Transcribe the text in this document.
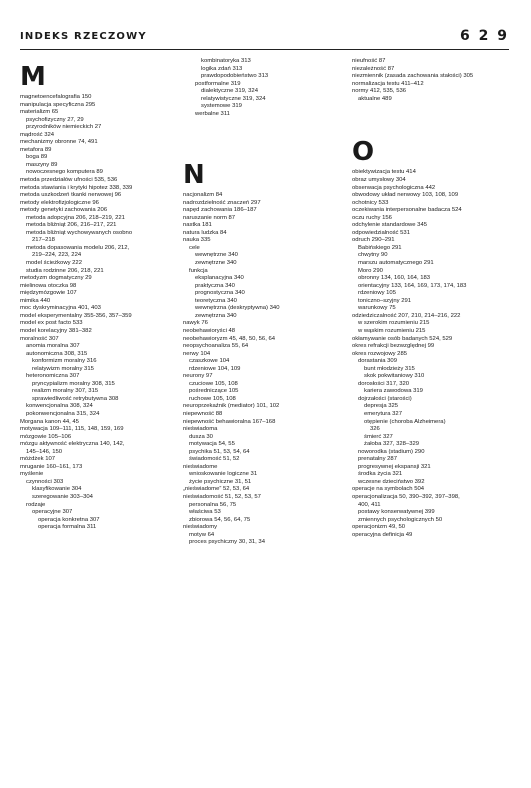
INDEKS RZECZOWY	6 2 9
M
magnetoencefalografia 150
manipulacja specyficzna 295
materializm 65
psychofizyczny 27, 29
przyrodników niemieckich 27
mądrość 324
mechanizmy obronne 74, 491
metafora 89
boga 89
maszyny 89
nowoczesnego komputera 89
metoda przedziałów ufności 535, 536
metoda stawiania i krytyki hipotez 338, 339
metoda uszkodzeń tkanki nerwowej 96
metody elektrofizjologiczne 96
metody genetyki zachowania 206
metoda adopcyjna 206, 218–219, 221
metoda bliźniąt 206, 216–217, 221
metoda bliźniąt wychowywanych osobno
217–218
metoda dopasowania modelu 206, 212,
219–224, 223, 224
model ścieżkowy 222
studia rodzinne 206, 218, 221
metodyzm dogmatyczny 29
mielinowa otoczka 98
międzymózgowie 107
mimika 440
moc dyskryminacyjna 401, 403
model eksperymentalny 355-356, 357–359
model ex post facto 533
model korelacyjny 381–382
moralność 307
anomia moralna 307
autonomiczna 308, 315
konformizm moralny 316
relatywizm moralny 315
heteronomiczna 307
pryncypializm moralny 308, 315
realizm moralny 307, 315
sprawiedliwość retrybutywna 308
konwencjonalna 308, 324
pokonwencjonalna 315, 324
Morgana kanon 44, 45
motywacja 109–111, 115, 148, 159, 169
mózgowie 105–106
mózgu aktywność elektryczna 140, 142,
145–146, 150
móżdżek 107
mruganie 160–161, 173
myślenie
czynności 303
klasyfikowanie 304
szeregowanie 303–304
rodzaje
operacyjne 307
operacja konkretna 307
operacja formalna 311
kombinatoryka 313
logika zdań 313
prawdopodobieństwo 313
postformalne 319
dialektyczne 319, 324
relatywistyczne 319, 324
systemowe 319
werbalne 311
N
nacjonalizm 84
nadrozdzielność znaczeń 297
napęd zachowania 186–187
naruszanie norm 87
nastka 181
natura ludzka 84
nauka 335
cele
wewnętrzne 340
zewnętrzne 340
funkcja
eksplanacyjna 340
praktyczna 340
prognostyczna 340
teoretyczna 340
wewnętrzna (deskryptywna) 340
zewnętrzna 340
nawyk 76
neobehawioryści 48
neobehawioryzm 45, 48, 50, 56, 64
neopsychoanaliza 55, 64
nerwy 104
czaszkowe 104
rdzeniowe 104, 109
neurony 97
czuciowe 105, 108
pośredniczące 105
ruchowe 105, 108
neuroprzekaźnik (mediator) 101, 102
niepewność 88
niepewność behawioralna 167–168
nieświadoma
dusza 30
motywacja 54, 55
psychika 51, 53, 54, 64
świadomość 51, 52
nieświadome
wnioskowanie logiczne 31
życie psychiczne 31, 51
„nieświadome” 52, 53, 64
nieświadomość 51, 52, 53, 57
personalna 56, 75
właściwa 53
zbiorowa 54, 56, 64, 75
nieświadomy
motyw 64
proces psychiczny 30, 31, 34
nieufność 87
niezależność 87
niezmiennik (zasada zachowania stałości) 305
normalizacja testu 411–412
normy 412, 535, 536
aktualne 489
O
obiektywizacja testu 414
obraz umysłowy 304
obserwacja psychologiczna 442
obwodowy układ nerwowy 103, 108, 109
ochotnicy 533
oczekiwania interpersonalne badacza 524
oczu ruchy 156
odchylenie standardowe 345
odpowiedzialność 531
odruch 290–291
Babińskiego 291
chwytny 90
marszu automatycznego 291
Moro 290
obronny 134, 160, 164, 183
orientacyjny 133, 164, 169, 173, 174, 183
rdzeniowy 105
toniczno–szyjny 291
warunkowy 75
odziedziczalność 207, 210, 214–216, 222
w szerokim rozumieniu 215
w wąskim rozumieniu 215
okłamywanie osób badanych 524, 529
okres refrakcji bezwzględnej 99
okres rozwojowy 285
dorastania 309
bunt młodzieży 315
skok pokwitaniowy 310
dorosłości 317, 320
kariera zawodowa 319
dojrzałości (starości)
depresja 325
emerytura 327
otępienie (choroba Alzheimera)
326
śmierć 327
żałoba 327, 328–329
noworodka (stadium) 290
prenatalny 287
progresywnej ekspansji 321
środka życia 321
wczesne dzieciństwo 392
operacje na symbolach 504
operacjonalizacja 50, 390–392, 397–398,
400, 411
postawy konserwatywnej 399
zmiennych psychologicznych 50
operacjonizm 49, 50
operacyjna definicja 49
